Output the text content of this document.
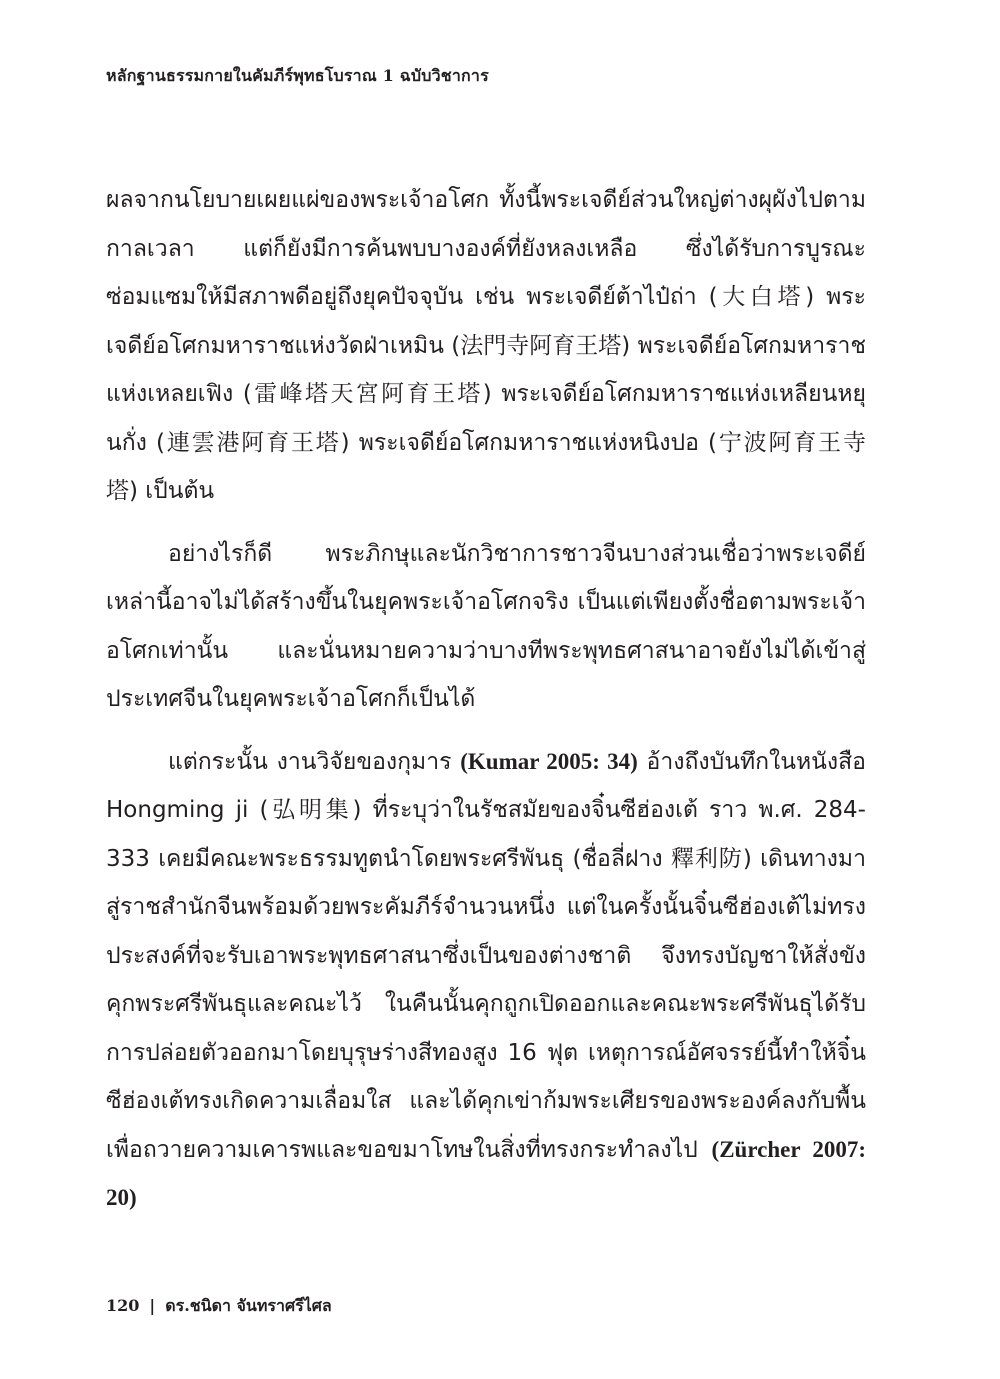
หลักฐานธรรมกายในคัมภีร์พุทธโบราณ 1 ฉบับวิชาการ

ผลจากนโยบายเผยแผ่ของพระเจ้าอโศก ทั้งนี้พระเจดีย์ส่วนใหญ่ต่างผุผังไปตามกาลเวลา แต่ก็ยังมีการค้นพบบางองค์ที่ยังหลงเหลือ ซึ่งได้รับการบูรณะซ่อมแซมให้มีสภาพดีอยู่ถึงยุคปัจจุบัน เช่น พระเจดีย์ต้าไป๋ถ่า (大白塔) พระเจดีย์อโศกมหาราชแห่งวัดฝ่าเหมิน (法門寺阿育王塔) พระเจดีย์อโศกมหาราชแห่งเหลยเฟิง (雷峰塔天宮阿育王塔) พระเจดีย์อโศกมหาราชแห่งเหลียนหยุนกั่ง (連雲港阿育王塔) พระเจดีย์อโศกมหาราชแห่งหนิงปอ (宁波阿育王寺塔) เป็นต้น

อย่างไรก็ดี พระภิกษุและนักวิชาการชาวจีนบางส่วนเชื่อว่าพระเจดีย์เหล่านี้อาจไม่ได้สร้างขึ้นในยุคพระเจ้าอโศกจริง เป็นแต่เพียงตั้งชื่อตามพระเจ้าอโศกเท่านั้น และนั่นหมายความว่าบางทีพระพุทธศาสนาอาจยังไม่ได้เข้าสู่ประเทศจีนในยุคพระเจ้าอโศกก็เป็นได้

แต่กระนั้น งานวิจัยของกุมาร (Kumar 2005: 34) อ้างถึงบันทึกในหนังสือ Hongming ji (弘明集) ที่ระบุว่าในรัชสมัยของจิ๋นซีฮ่องเต้ ราว พ.ศ. 284-333 เคยมีคณะพระธรรมทูตนำโดยพระศรีพันธุ (ชื่อลี่ฝาง 釋利防) เดินทางมาสู่ราชสำนักจีนพร้อมด้วยพระคัมภีร์จำนวนหนึ่ง แต่ในครั้งนั้นจิ๋นซีฮ่องเต้ไม่ทรงประสงค์ที่จะรับเอาพระพุทธศาสนาซึ่งเป็นของต่างชาติ จึงทรงบัญชาให้สั่งขังคุกพระศรีพันธุและคณะไว้ ในคืนนั้นคุกถูกเปิดออกและคณะพระศรีพันธุได้รับการปล่อยตัวออกมาโดยบุรุษร่างสีทองสูง 16 ฟุต เหตุการณ์อัศจรรย์นี้ทำให้จิ๋นซีฮ่องเต้ทรงเกิดความเลื่อมใส และได้คุกเข่าก้มพระเศียรของพระองค์ลงกับพื้นเพื่อถวายความเคารพและขอขมาโทษในสิ่งที่ทรงกระทำลงไป (Zürcher 2007: 20)

120 | ดร.ชนิดา จันทราศรีไศล
